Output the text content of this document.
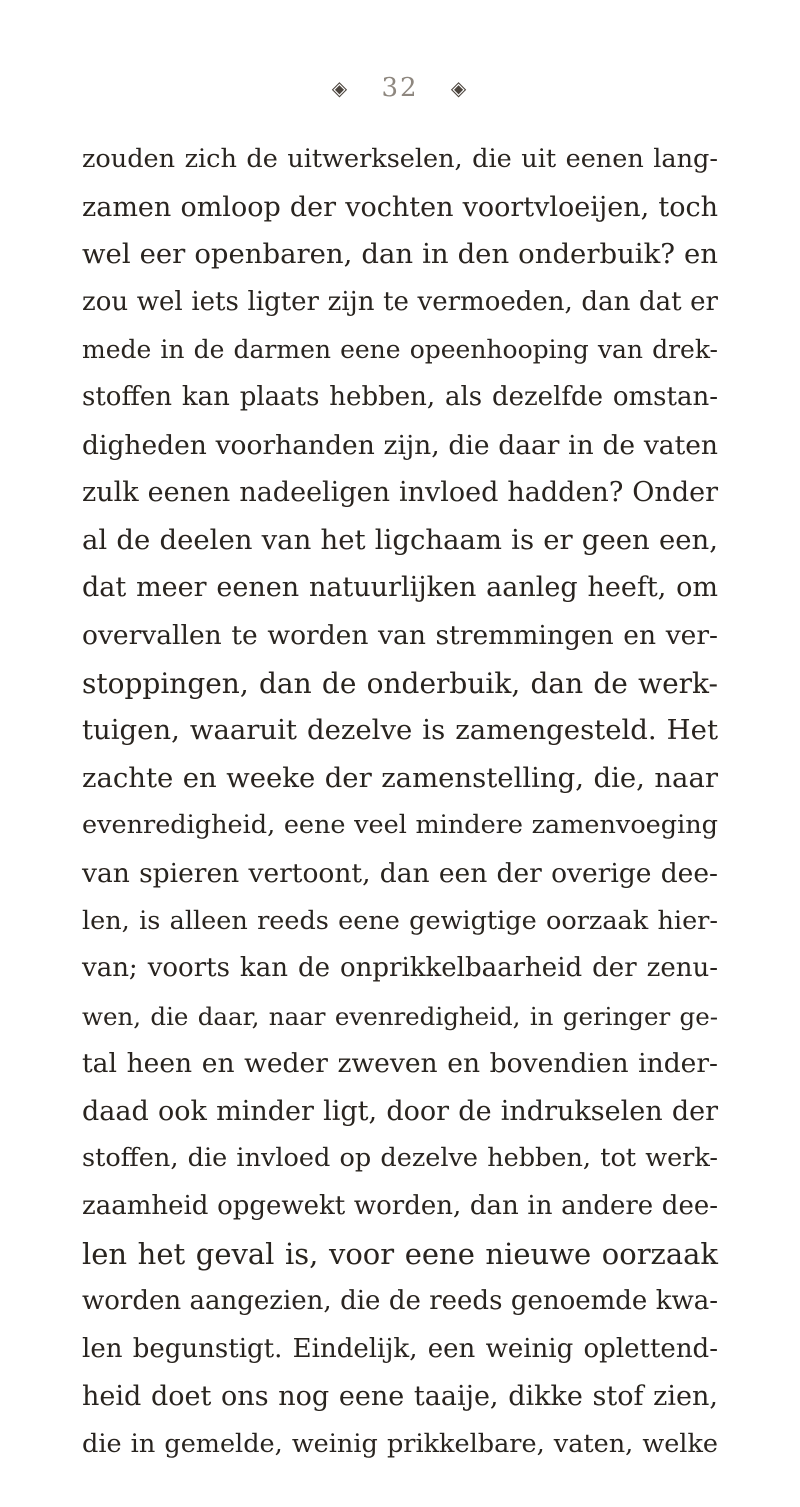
◈ 32 ◈
zouden zich de uitwerkselen, die uit eenen lang-
zamen omloop der vochten voortvloeijen, toch
wel eer openbaren, dan in den onderbuik? en
zou wel iets ligter zijn te vermoeden, dan dat er
mede in de darmen eene opeenhooping van drek-
stoffen kan plaats hebben, als dezelfde omstan-
digheden voorhanden zijn, die daar in de vaten
zulk eenen nadeeligen invloed hadden? Onder
al de deelen van het ligchaam is er geen een,
dat meer eenen natuurlijken aanleg heeft, om
overvallen te worden van stremmingen en ver-
stoppingen, dan de onderbuik, dan de werk-
tuigen, waaruit dezelve is zamengesteld. Het
zachte en weeke der zamenstelling, die, naar
evenredigheid, eene veel mindere zamenvoeging
van spieren vertoont, dan een der overige dee-
len, is alleen reeds eene gewigtige oorzaak hier-
van; voorts kan de onprikkelbaarheid der zenu-
wen, die daar, naar evenredigheid, in geringer ge-
tal heen en weder zweven en bovendien inder-
daad ook minder ligt, door de indrukselen der
stoffen, die invloed op dezelve hebben, tot werk-
zaamheid opgewekt worden, dan in andere dee-
len het geval is, voor eene nieuwe oorzaak
worden aangezien, die de reeds genoemde kwa-
len begunstigt. Eindelijk, een weinig oplettend-
heid doet ons nog eene taaije, dikke stof zien,
die in gemelde, weinig prikkelbare, vaten, welke
